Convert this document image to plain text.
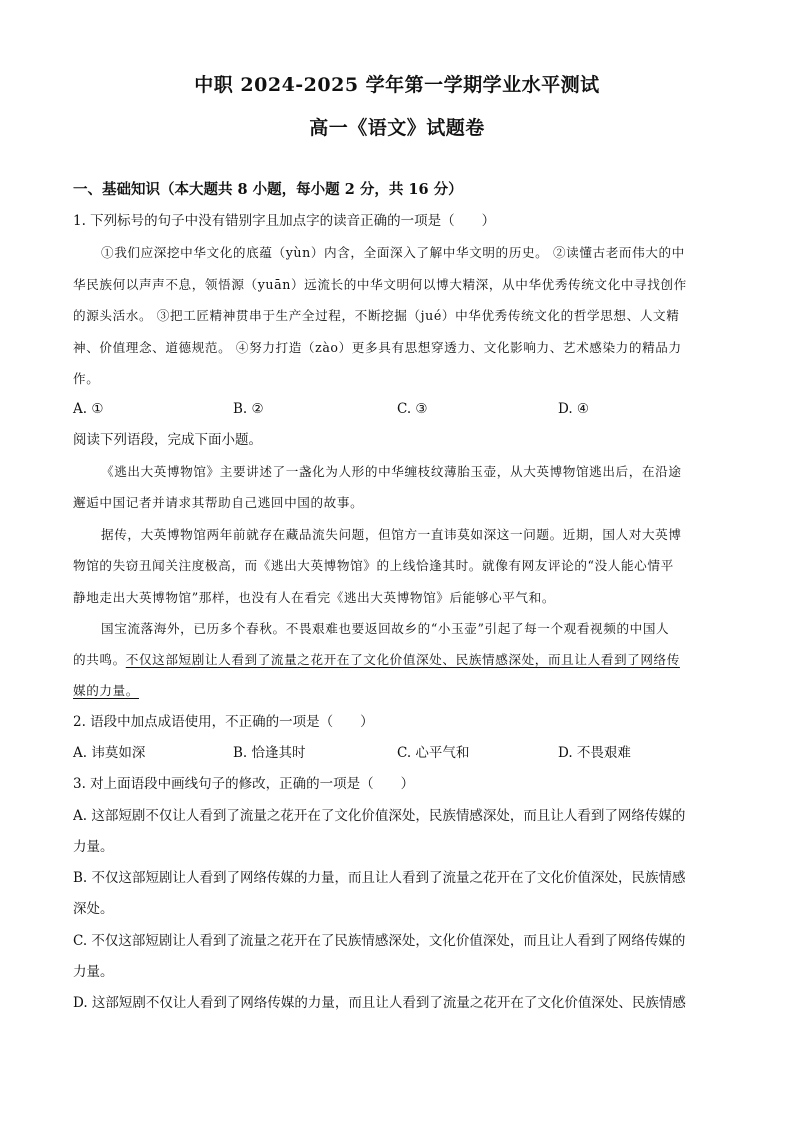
中职 2024-2025 学年第一学期学业水平测试
高一《语文》试题卷
一、基础知识（本大题共 8 小题，每小题 2 分，共 16 分）
1. 下列标号的句子中没有错别字且加点字的读音正确的一项是（　　）
①我们应深挖中华文化的底蕴（yùn）内含，全面深入了解中华文明的历史。 ②读懂古老而伟大的中
华民族何以声声不息，领悟源（yuān）远流长的中华文明何以博大精深，从中华优秀传统文化中寻找创作
的源头活水。 ③把工匠精神贯串于生产全过程，不断挖掘（jué）中华优秀传统文化的哲学思想、人文精
神、价值理念、道德规范。 ④努力打造（zào）更多具有思想穿透力、文化影响力、艺术感染力的精品力
作。
A. ①	B. ②	C. ③	D. ④
阅读下列语段，完成下面小题。
《逃出大英博物馆》主要讲述了一盏化为人形的中华缠枝纹薄胎玉壶，从大英博物馆逃出后，在沿途
邂逅中国记者并请求其帮助自己逃回中国的故事。
据传，大英博物馆两年前就存在藏品流失问题，但馆方一直讳莫如深这一问题。近期，国人对大英博
物馆的失窃丑闻关注度极高，而《逃出大英博物馆》的上线恰逢其时。就像有网友评论的“没人能心情平
静地走出大英博物馆”那样，也没有人在看完《逃出大英博物馆》后能够心平气和。
国宝流落海外，已历多个春秋。不畏艰难也要返回故乡的“小玉壶”引起了每一个观看视频的中国人
的共鸣。不仅这部短剧让人看到了流量之花开在了文化价值深处、民族情感深处，而且让人看到了网络传
媒的力量。
2. 语段中加点成语使用，不正确的一项是（　　）
A. 讳莫如深	B. 恰逢其时	C. 心平气和	D. 不畏艰难
3. 对上面语段中画线句子的修改，正确的一项是（　　）
A. 这部短剧不仅让人看到了流量之花开在了文化价值深处，民族情感深处，而且让人看到了网络传媒的
力量。
B. 不仅这部短剧让人看到了网络传媒的力量，而且让人看到了流量之花开在了文化价值深处，民族情感
深处。
C. 不仅这部短剧让人看到了流量之花开在了民族情感深处，文化价值深处，而且让人看到了网络传媒的
力量。
D. 这部短剧不仅让人看到了网络传媒的力量，而且让人看到了流量之花开在了文化价值深处、民族情感
